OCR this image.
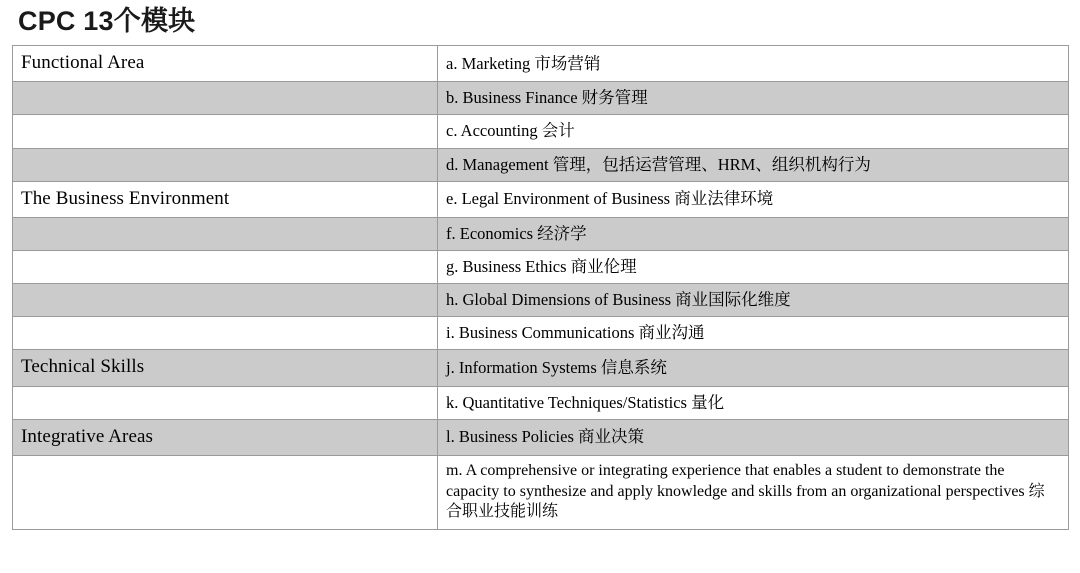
CPC 13个模块
Functional Area	a. Marketing 市场营销
	b. Business Finance 财务管理
	c. Accounting 会计
	d. Management 管理，包括运营管理、HRM、组织机构行为
The Business Environment	e. Legal Environment of Business 商业法律环境
	f. Economics 经济学
	g. Business Ethics 商业伦理
	h. Global Dimensions of Business 商业国际化维度
	i. Business Communications 商业沟通
Technical Skills	j. Information Systems 信息系统
	k. Quantitative Techniques/Statistics 量化
Integrative Areas	l. Business Policies 商业决策
	m. A comprehensive or integrating experience that enables a student to demonstrate the capacity to synthesize and apply knowledge and skills from an organizational perspectives 综合职业技能训练
